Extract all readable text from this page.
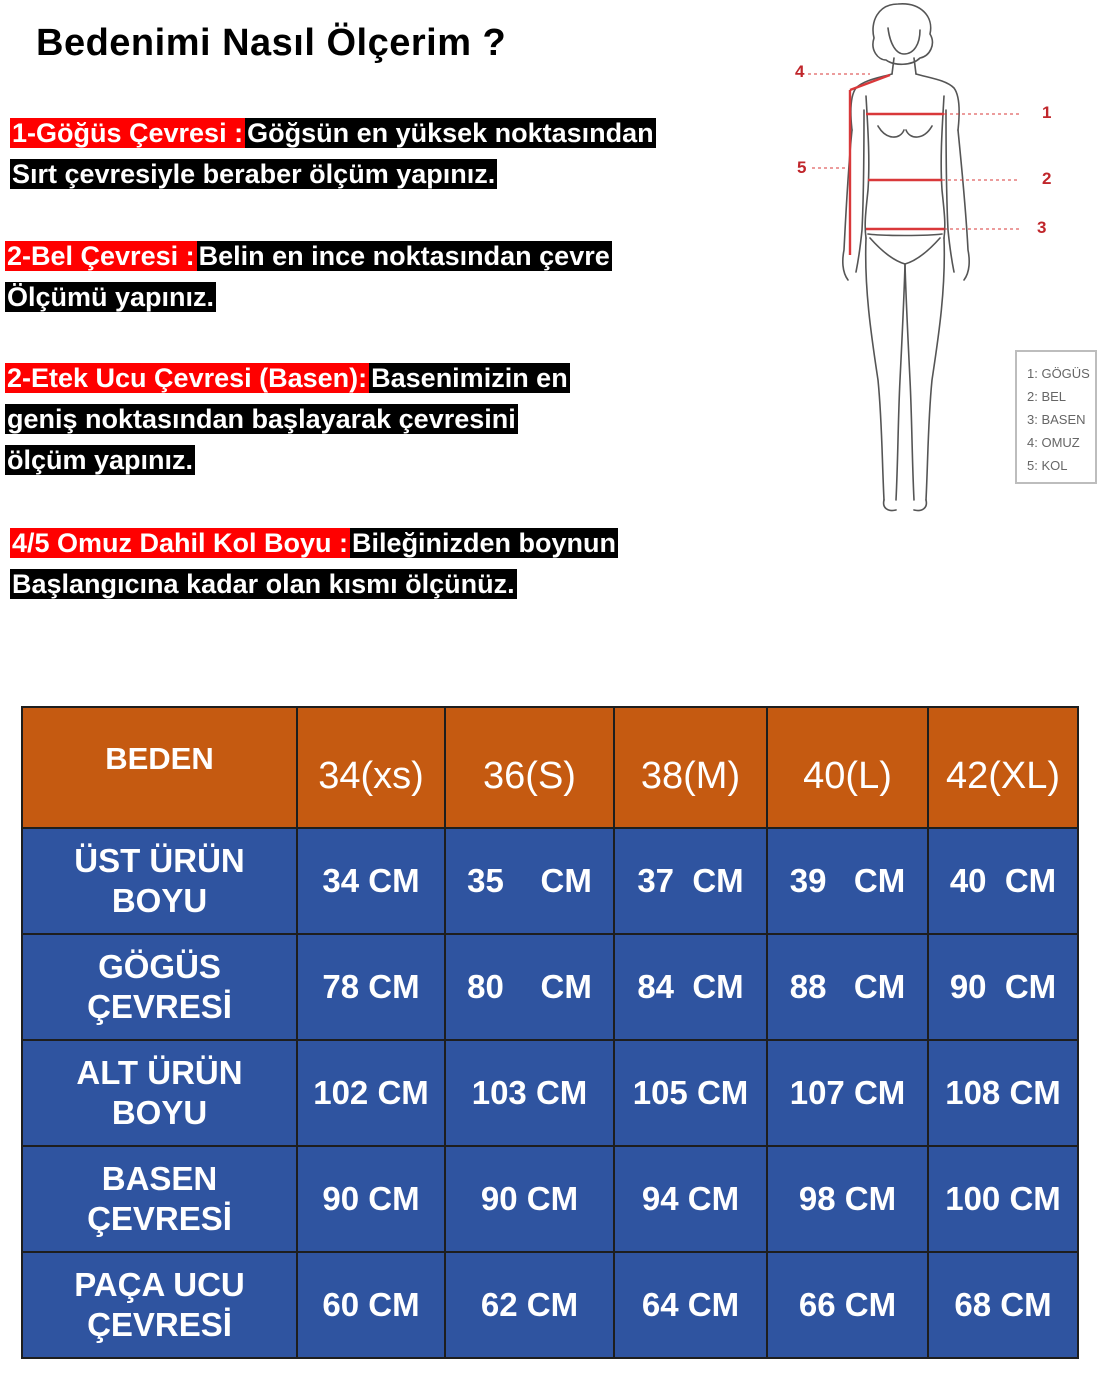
Bedenimi Nasıl Ölçerim ?
1-Göğüs Çevresi : Göğsün en yüksek noktasından
Sırt çevresiyle beraber ölçüm yapınız.
2-Bel Çevresi : Belin en ince noktasından çevre
Ölçümü yapınız.
2-Etek Ucu Çevresi (Basen): Basenimizin en
geniş noktasından başlayarak çevresini
ölçüm yapınız.
4/5 Omuz Dahil Kol Boyu : Bileğinizden boynun
Başlangıcına kadar olan kısmı ölçünüz.
4
5
1
2
3
1: GÖGÜS
2: BEL
3: BASEN
4: OMUZ
5: KOL
BEDEN	34(xs)	36(S)	38(M)	40(L)	42(XL)
ÜST ÜRÜN
BOYU	34 CM	35    CM	37  CM	39   CM	40  CM
GÖGÜS
ÇEVRESİ	78 CM	80    CM	84  CM	88   CM	90  CM
ALT ÜRÜN
BOYU	102 CM	103 CM	105 CM	107 CM	108 CM
BASEN
ÇEVRESİ	90 CM	90 CM	94 CM	98 CM	100 CM
PAÇA UCU
ÇEVRESİ	60 CM	62 CM	64 CM	66 CM	68 CM
